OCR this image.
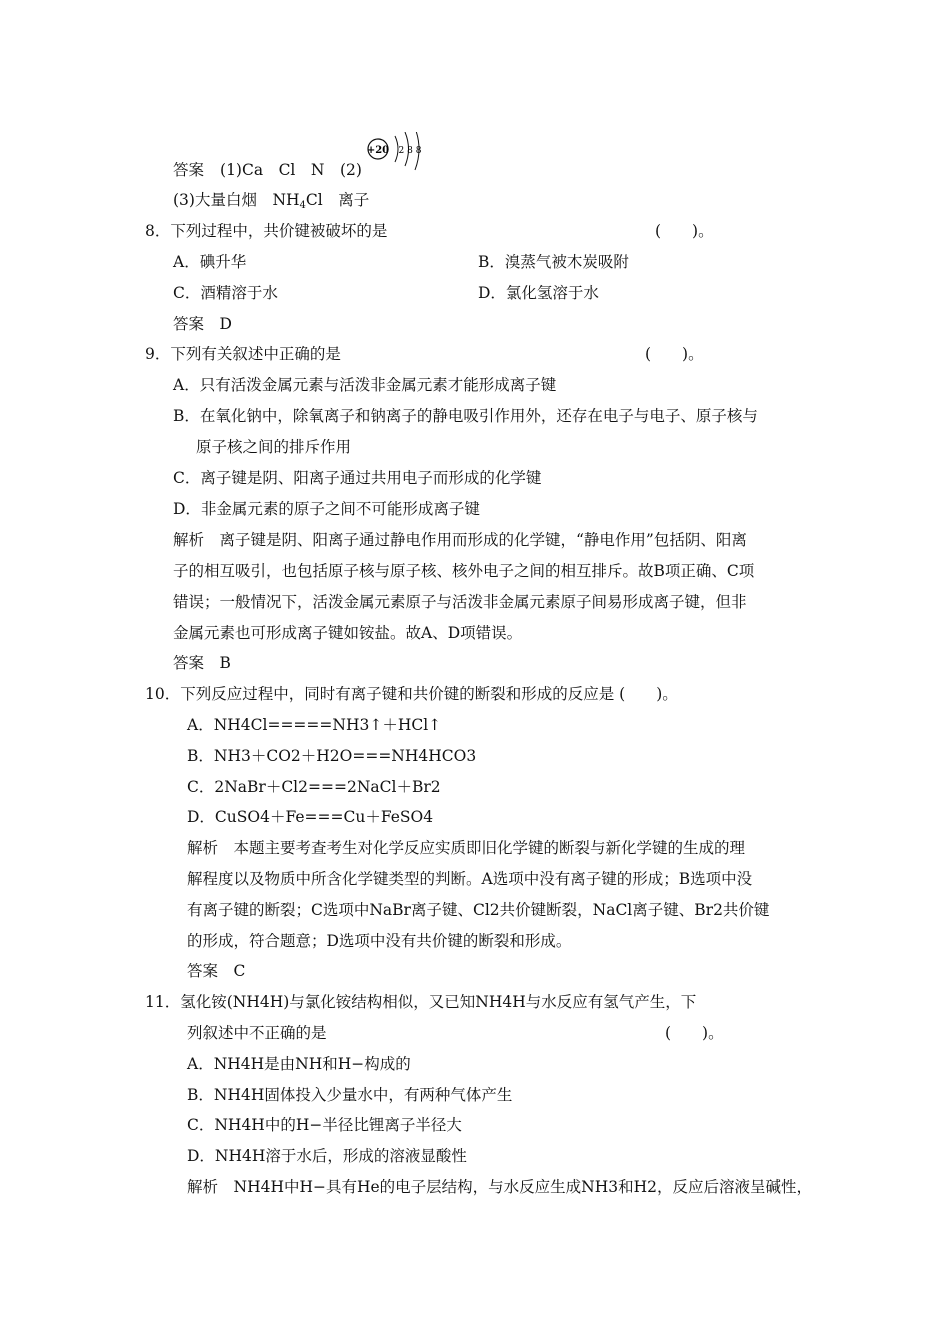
答案 (1)Ca　Cl　N　(2)
+20 2 8 8
(3)大量白烟　$NH_4Cl$　离子
8．下列过程中，共价键被破坏的是	(　　)。
A．碘升华	B．溴蒸气被木炭吸附
C．酒精溶于水	D．氯化氢溶于水
答案　D
9．下列有关叙述中正确的是	(　　)。
A．只有活泼金属元素与活泼非金属元素才能形成离子键
B．在氧化钠中，除氧离子和钠离子的静电吸引作用外，还存在电子与电子、原子核与
原子核之间的排斥作用
C．离子键是阴、阳离子通过共用电子而形成的化学键
D．非金属元素的原子之间不可能形成离子键
解析　离子键是阴、阳离子通过静电作用而形成的化学键，“静电作用”包括阴、阳离
子的相互吸引，也包括原子核与原子核、核外电子之间的相互排斥。故B项正确、C项
错误；一般情况下，活泼金属元素原子与活泼非金属元素原子间易形成离子键，但非
金属元素也可形成离子键如铵盐。故A、D项错误。
答案　B
10．下列反应过程中，同时有离子键和共价键的断裂和形成的反应是 (　　)。
A．NH4Cl=====NH3↑＋HCl↑
B．NH3＋CO2＋H2O===NH4HCO3
C．2NaBr＋Cl2===2NaCl＋Br2
D．CuSO4＋Fe===Cu＋FeSO4
解析　本题主要考查考生对化学反应实质即旧化学键的断裂与新化学键的生成的理
解程度以及物质中所含化学键类型的判断。A选项中没有离子键的形成；B选项中没
有离子键的断裂；C选项中NaBr离子键、Cl2共价键断裂，NaCl离子键、Br2共价键
的形成，符合题意；D选项中没有共价键的断裂和形成。
答案　C
11．氢化铵(NH4H)与氯化铵结构相似，又已知NH4H与水反应有氢气产生，下
列叙述中不正确的是	(　　)。
A．NH4H是由NH和H−构成的
B．NH4H固体投入少量水中，有两种气体产生
C．NH4H中的H−半径比锂离子半径大
D．NH4H溶于水后，形成的溶液显酸性
解析　NH4H中H−具有He的电子层结构，与水反应生成NH3和H2，反应后溶液呈碱性，
